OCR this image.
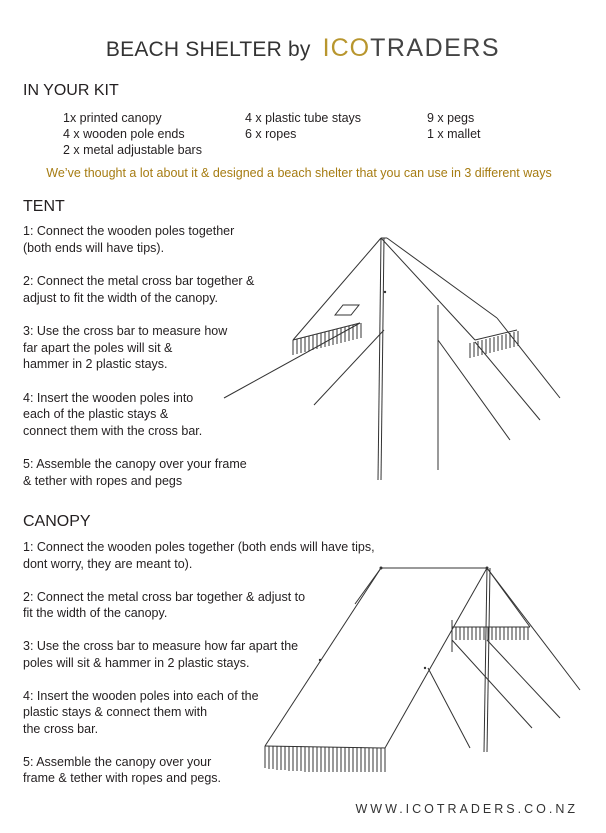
BEACH SHELTER by ICO TRADERS
IN YOUR KIT
1x printed canopy
4 x wooden pole ends
2 x metal adjustable bars
4 x plastic tube stays
6 x ropes
9 x pegs
1 x mallet
We’ve thought a lot about it & designed a beach shelter that you can use in 3 different ways
TENT

1: Connect the wooden poles together
(both ends will have tips).

2: Connect the metal cross bar together &
adjust to fit the width of the canopy.

3: Use the cross bar to measure how
far apart the poles will sit &
hammer in 2 plastic stays.

4: Insert the wooden poles into
each of the plastic stays &
connect them with the cross bar.

5: Assemble the canopy over your frame
& tether with ropes and pegs

CANOPY

1: Connect the wooden poles together (both ends will have tips,
dont worry, they are meant to).

2: Connect the metal cross bar together & adjust to
fit the width of the canopy.

3: Use the cross bar to measure how far apart the
poles will sit & hammer in 2 plastic stays.

4: Insert the wooden poles into each of the
plastic stays & connect them with
the cross bar.

5: Assemble the canopy over your
frame & tether with ropes and pegs.

WWW.ICOTRADERS.CO.NZ
